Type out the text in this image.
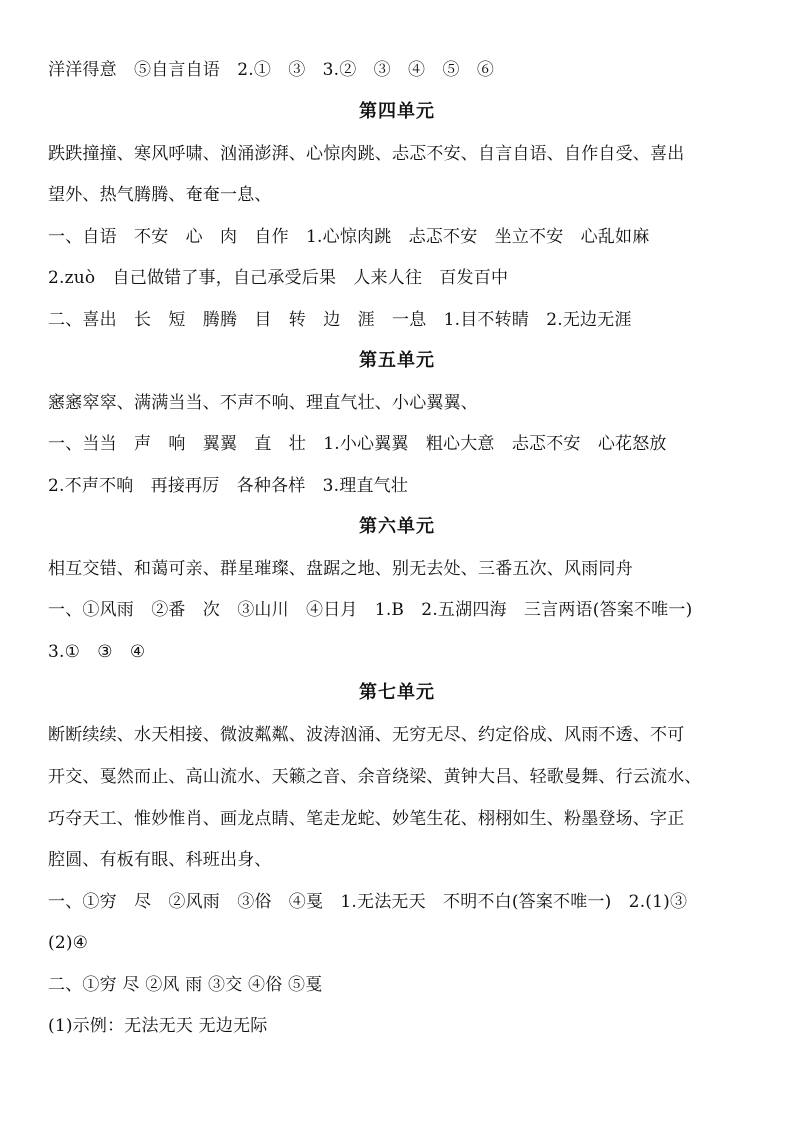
洋洋得意　⑤自言自语　2.①　③　3.②　③　④　⑤　⑥
第四单元
跌跌撞撞、寒风呼啸、汹涌澎湃、心惊肉跳、忐忑不安、自言自语、自作自受、喜出
望外、热气腾腾、奄奄一息、
一、自语　不安　心　肉　自作　1.心惊肉跳　忐忑不安　坐立不安　心乱如麻
2.zuò　自己做错了事，自己承受后果　人来人往　百发百中
二、喜出　长　短　腾腾　目　转　边　涯　一息　1.目不转睛　2.无边无涯
第五单元
窸窸窣窣、满满当当、不声不响、理直气壮、小心翼翼、
一、当当　声　响　翼翼　直　壮　1.小心翼翼　粗心大意　忐忑不安　心花怒放
2.不声不响　再接再厉　各种各样　3.理直气壮
第六单元
相互交错、和蔼可亲、群星璀璨、盘踞之地、别无去处、三番五次、风雨同舟
一、①风雨　②番　次　③山川　④日月　1.B　2.五湖四海　三言两语(答案不唯一)
3.①　③　④
第七单元
断断续续、水天相接、微波粼粼、波涛汹涌、无穷无尽、约定俗成、风雨不透、不可
开交、戛然而止、高山流水、天籁之音、余音绕梁、黄钟大吕、轻歌曼舞、行云流水、
巧夺天工、惟妙惟肖、画龙点睛、笔走龙蛇、妙笔生花、栩栩如生、粉墨登场、字正
腔圆、有板有眼、科班出身、
一、①穷　尽　②风雨　③俗　④戛　1.无法无天　不明不白(答案不唯一)　2.(1)③
(2)④
二、①穷 尽 ②风 雨 ③交 ④俗 ⑤戛
(1)示例：无法无天 无边无际
